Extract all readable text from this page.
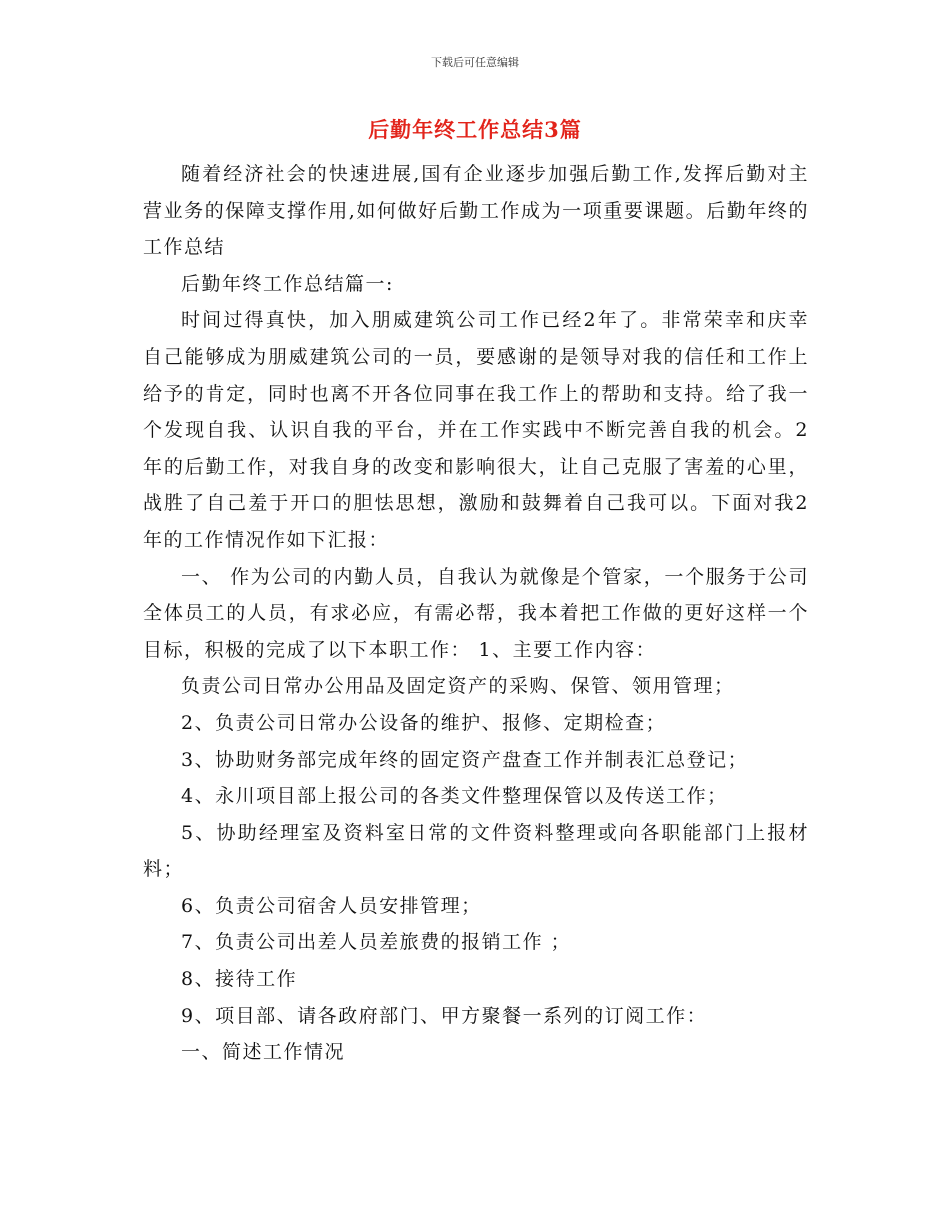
下载后可任意编辑
后勤年终工作总结3篇

随着经济社会的快速进展,国有企业逐步加强后勤工作,发挥后勤对主营业务的保障支撑作用,如何做好后勤工作成为一项重要课题。后勤年终的工作总结

后勤年终工作总结篇一:

时间过得真快，加入朋威建筑公司工作已经2年了。非常荣幸和庆幸自己能够成为朋威建筑公司的一员，要感谢的是领导对我的信任和工作上给予的肯定，同时也离不开各位同事在我工作上的帮助和支持。给了我一个发现自我、认识自我的平台，并在工作实践中不断完善自我的机会。2年的后勤工作，对我自身的改变和影响很大，让自己克服了害羞的心里，战胜了自己羞于开口的胆怯思想，激励和鼓舞着自己我可以。下面对我2年的工作情况作如下汇报：

一、 作为公司的内勤人员，自我认为就像是个管家，一个服务于公司全体员工的人员，有求必应，有需必帮，我本着把工作做的更好这样一个目标，积极的完成了以下本职工作： 1、主要工作内容：

负责公司日常办公用品及固定资产的采购、保管、领用管理；

2、负责公司日常办公设备的维护、报修、定期检查；

3、协助财务部完成年终的固定资产盘查工作并制表汇总登记；

4、永川项目部上报公司的各类文件整理保管以及传送工作；

5、协助经理室及资料室日常的文件资料整理或向各职能部门上报材料；

6、负责公司宿舍人员安排管理；

7、负责公司出差人员差旅费的报销工作 ；

8、接待工作

9、项目部、请各政府部门、甲方聚餐一系列的订阅工作：

一、简述工作情况
